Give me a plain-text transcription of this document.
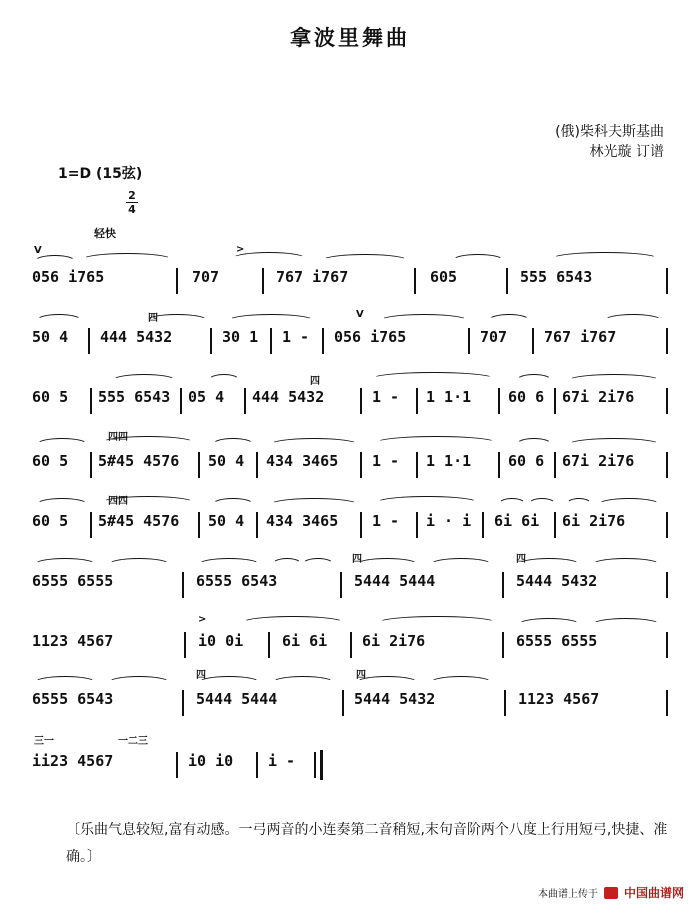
拿波里舞曲
(俄)柴科夫斯基曲
林光璇 订谱
1=D (15弦)
2
4
轻快
V	>
四	V
四
四四
四四
四	四
>
四	四
三一	一二三
056 i765	707	767 i767	605	555 6543
50 4 444 5432	30 1 1 - 056 i765	707 767 i767
60 5 555 6543 05 4 444 5432	1 - 1 1·1 60 6 67i 2i76
60 5 5#45 4576 50 4 434 3465 1 - 1 1·1 60 6 67i 2i76
60 5 5#45 4576 50 4 434 3465 1 - i · i 6i 6i 6i 2i76
6555 6555	6555 6543	5444 5444	5444 5432
1123 4567	i0 0i	6i 6i 6i 2i76	6555 6555
6555 6543	5444 5444	5444 5432	1123 4567
ii23 4567	i0 i0 i -
〔乐曲气息较短,富有动感。一弓两音的小连奏第二音稍短,末句音阶两个八度上行用短弓,快捷、准确。〕
本曲谱上传于 中国曲谱网
